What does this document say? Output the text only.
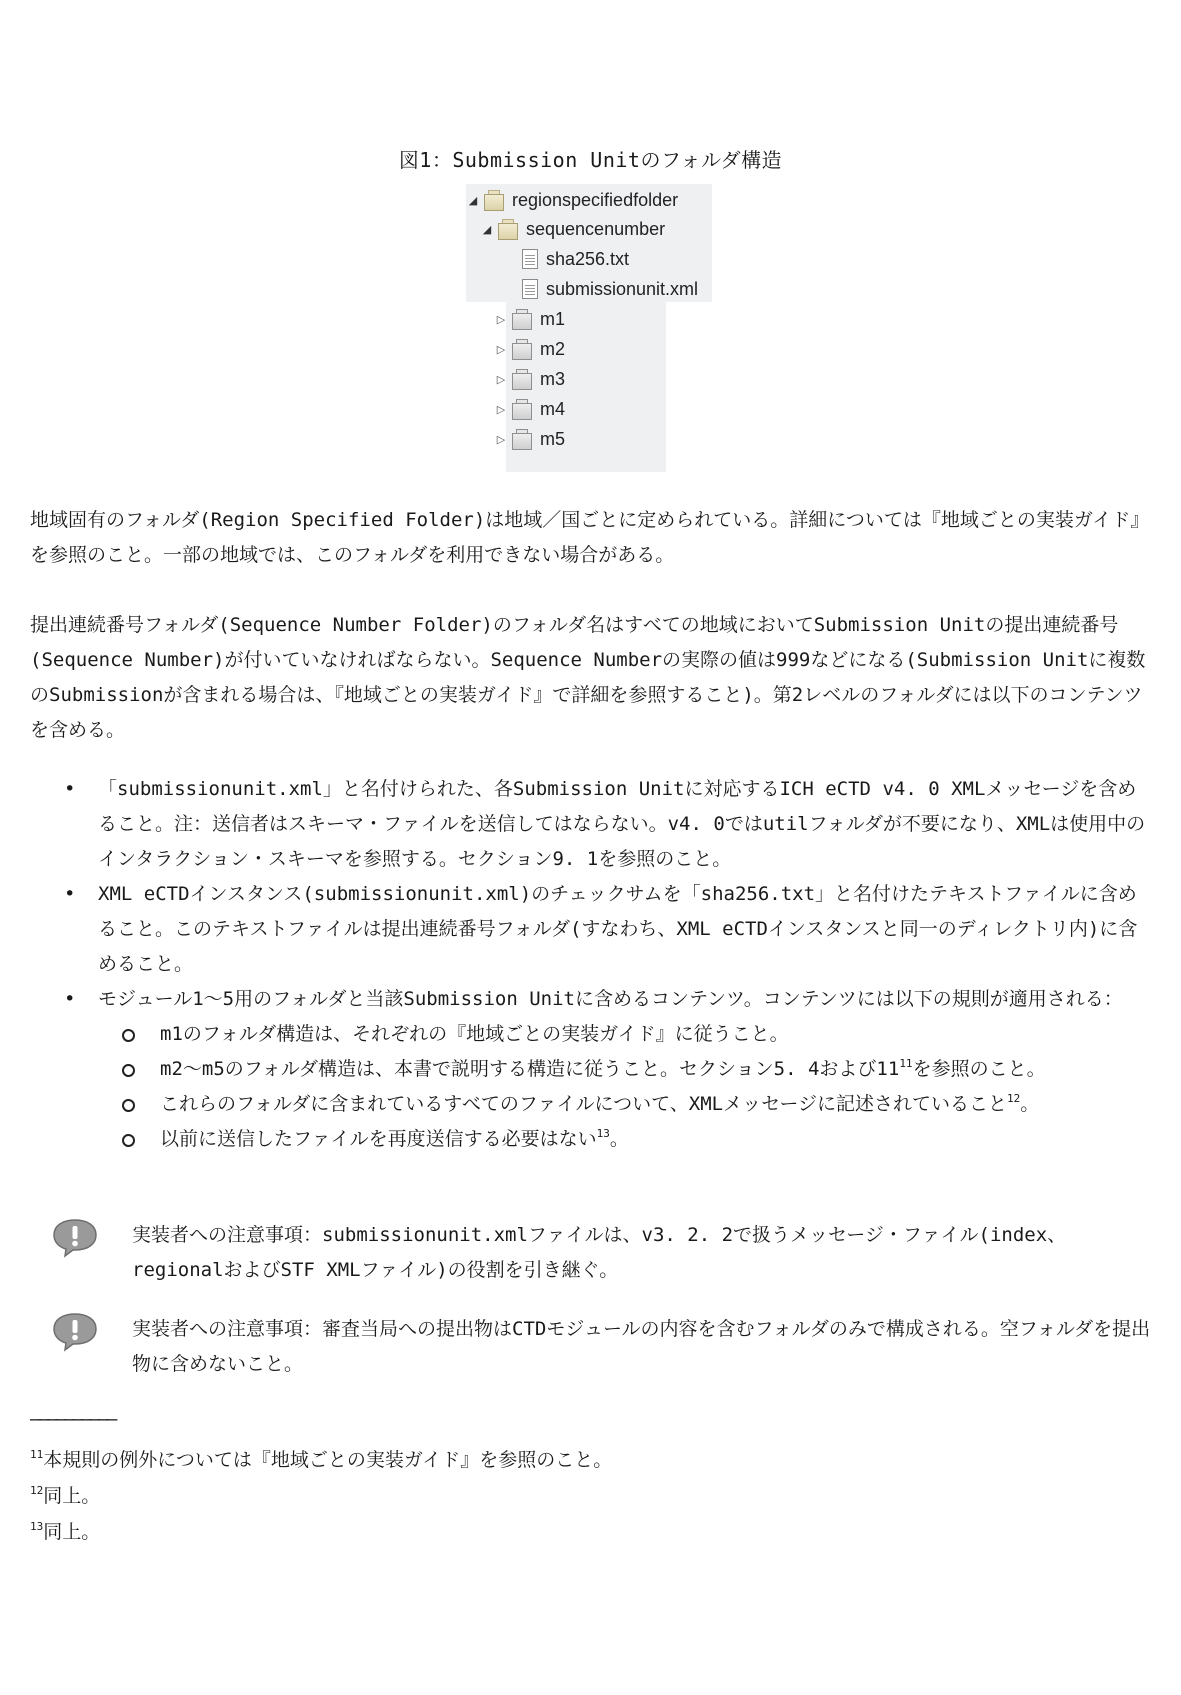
図1：Submission Unitのフォルダ構造
◢ regionspecifiedfolder
◢ sequencenumber
sha256.txt
submissionunit.xml
▷ m1
▷ m2
▷ m3
▷ m4
▷ m5

地域固有のフォルダ(Region Specified Folder)は地域／国ごとに定められている。詳細については『地域ごとの実装ガイド』を参照のこと。一部の地域では、このフォルダを利用できない場合がある。

提出連続番号フォルダ(Sequence Number Folder)のフォルダ名はすべての地域においてSubmission Unitの提出連続番号(Sequence Number)が付いていなければならない。Sequence Numberの実際の値は999などになる(Submission Unitに複数のSubmissionが含まれる場合は、『地域ごとの実装ガイド』で詳細を参照すること)。第2レベルのフォルダには以下のコンテンツを含める。

• 「submissionunit.xml」と名付けられた、各Submission Unitに対応するICH eCTD v4. 0 XMLメッセージを含めること。注：送信者はスキーマ・ファイルを送信してはならない。v4. 0ではutilフォルダが不要になり、XMLは使用中のインタラクション・スキーマを参照する。セクション9. 1を参照のこと。
• XML eCTDインスタンス(submissionunit.xml)のチェックサムを「sha256.txt」と名付けたテキストファイルに含めること。このテキストファイルは提出連続番号フォルダ(すなわち、XML eCTDインスタンスと同一のディレクトリ内)に含めること。
• モジュール1～5用のフォルダと当該Submission Unitに含めるコンテンツ。コンテンツには以下の規則が適用される：
m1のフォルダ構造は、それぞれの『地域ごとの実装ガイド』に従うこと。
m2～m5のフォルダ構造は、本書で説明する構造に従うこと。セクション5. 4および$11^{11}$を参照のこと。
これらのフォルダに含まれているすべてのファイルについて、XMLメッセージに記述されていること$^{12}$。
以前に送信したファイルを再度送信する必要はない$^{13}$。
実装者への注意事項：submissionunit.xmlファイルは、v3. 2. 2で扱うメッセージ・ファイル(index、regionalおよびSTF XMLファイル)の役割を引き継ぐ。
実装者への注意事項：審査当局への提出物はCTDモジュールの内容を含むフォルダのみで構成される。空フォルダを提出物に含めないこと。
――――――――――
$^{11}$本規則の例外については『地域ごとの実装ガイド』を参照のこと。
$^{12}$同上。
$^{13}$同上。
